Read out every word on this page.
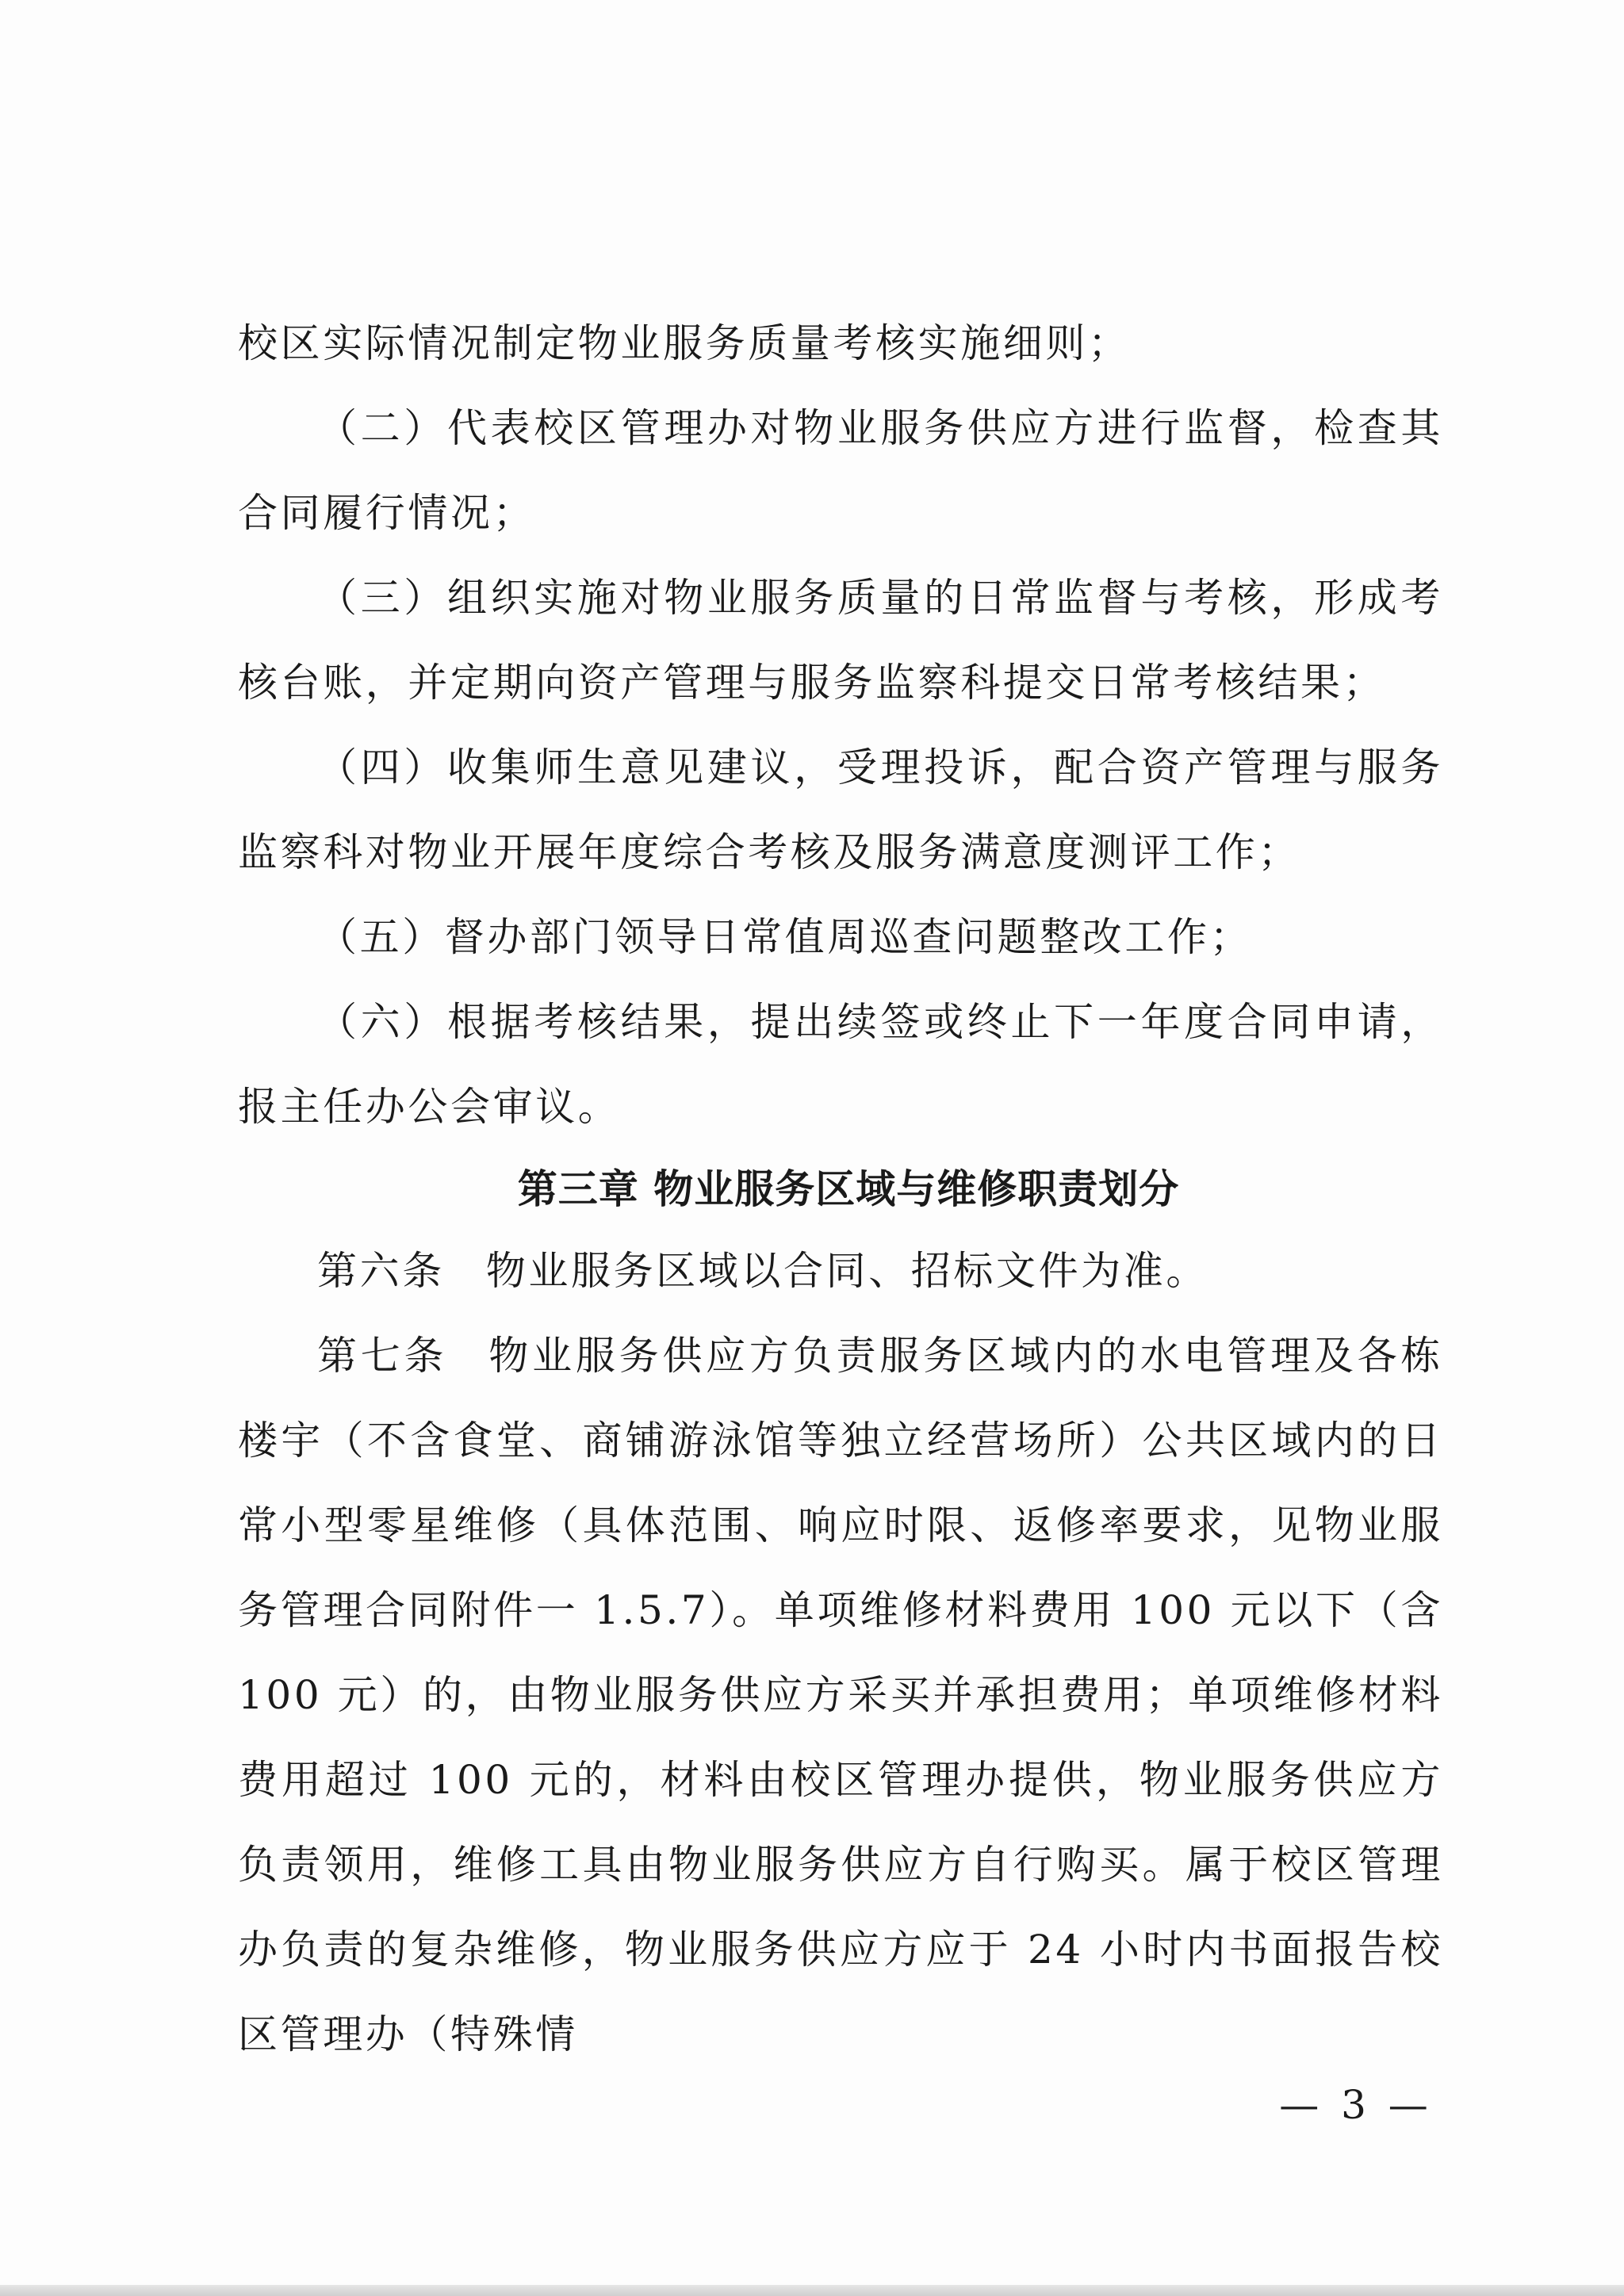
校区实际情况制定物业服务质量考核实施细则；

（二）代表校区管理办对物业服务供应方进行监督，检查其合同履行情况；

（三）组织实施对物业服务质量的日常监督与考核，形成考核台账，并定期向资产管理与服务监察科提交日常考核结果；

（四）收集师生意见建议，受理投诉，配合资产管理与服务监察科对物业开展年度综合考核及服务满意度测评工作；

（五）督办部门领导日常值周巡查问题整改工作；

（六）根据考核结果，提出续签或终止下一年度合同申请，报主任办公会审议。

第三章 物业服务区域与维修职责划分

第六条 物业服务区域以合同、招标文件为准。

第七条 物业服务供应方负责服务区域内的水电管理及各栋楼宇（不含食堂、商铺游泳馆等独立经营场所）公共区域内的日常小型零星维修（具体范围、响应时限、返修率要求，见物业服务管理合同附件一 1.5.7）。单项维修材料费用 100 元以下（含 100 元）的，由物业服务供应方采买并承担费用；单项维修材料费用超过 100 元的，材料由校区管理办提供，物业服务供应方负责领用，维修工具由物业服务供应方自行购买。属于校区管理办负责的复杂维修，物业服务供应方应于 24 小时内书面报告校区管理办（特殊情

— 3 —
